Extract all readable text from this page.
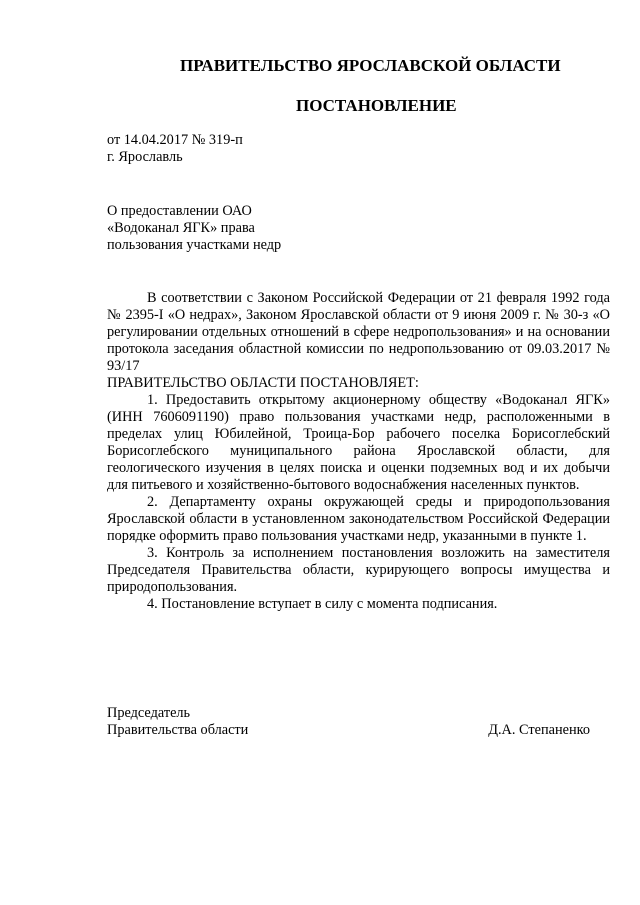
ПРАВИТЕЛЬСТВО ЯРОСЛАВСКОЙ ОБЛАСТИ
ПОСТАНОВЛЕНИЕ
от 14.04.2017 № 319-п
г. Ярославль
О предоставлении ОАО
«Водоканал ЯГК» права
пользования участками недр

В соответствии с Законом Российской Федерации от 21 февраля 1992 года № 2395-I «О недрах», Законом Ярославской области от 9 июня 2009 г. № 30-з «О регулировании отдельных отношений в сфере недропользования» и на основании протокола заседания областной комиссии по недропользованию от 09.03.2017 № 93/17

ПРАВИТЕЛЬСТВО ОБЛАСТИ ПОСТАНОВЛЯЕТ:

1. Предоставить открытому акционерному обществу «Водоканал ЯГК» (ИНН 7606091190) право пользования участками недр, расположенными в пределах улиц Юбилейной, Троица-Бор рабочего поселка Борисоглебский Борисоглебского муниципального района Ярославской области, для геологического изучения в целях поиска и оценки подземных вод и их добычи для питьевого и хозяйственно-бытового водоснабжения населенных пунктов.

2. Департаменту охраны окружающей среды и природопользования Ярославской области в установленном законодательством Российской Федерации порядке оформить право пользования участками недр, указанными в пункте 1.

3. Контроль за исполнением постановления возложить на заместителя Председателя Правительства области, курирующего вопросы имущества и природопользования.

4. Постановление вступает в силу с момента подписания.

Председатель
Правительства области	Д.А. Степаненко
